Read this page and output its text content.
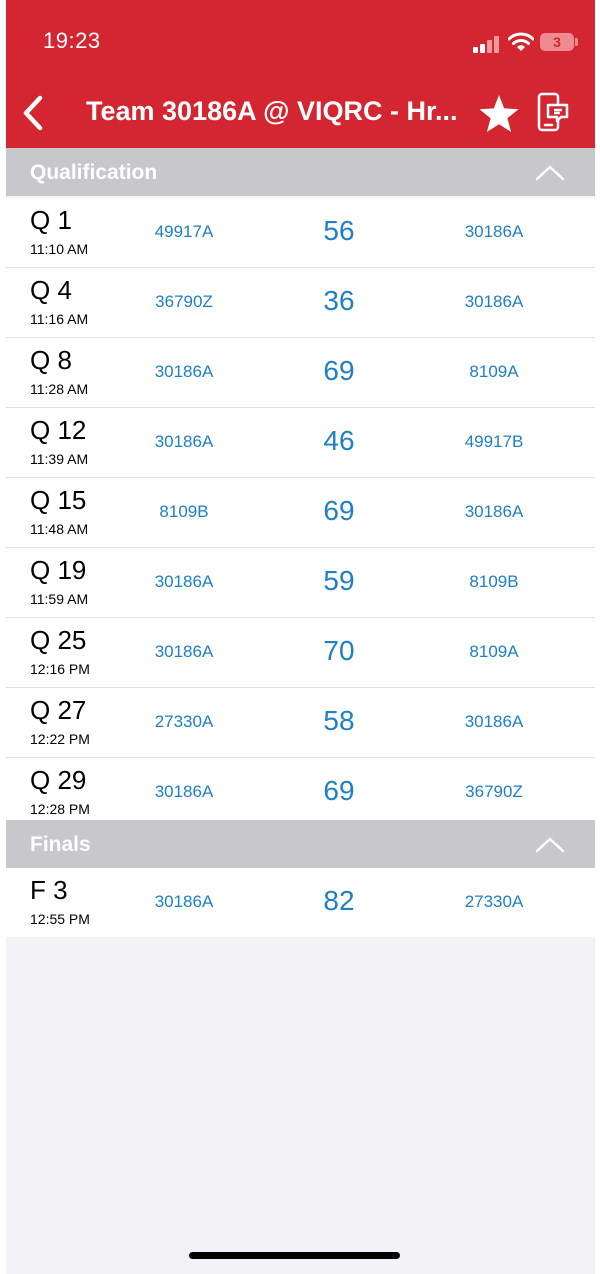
19:23	3
Team 30186A @ VIQRC - Hr...
Qualification
Q 1
11:10 AM
49917A	56	30186A
Q 4
11:16 AM
36790Z	36	30186A
Q 8
11:28 AM
30186A	69	8109A
Q 12
11:39 AM
30186A	46	49917B
Q 15
11:48 AM
8109B	69	30186A
Q 19
11:59 AM
30186A	59	8109B
Q 25
12:16 PM
30186A	70	8109A
Q 27
12:22 PM
27330A	58	30186A
Q 29
12:28 PM
30186A	69	36790Z
Finals
F 3
12:55 PM
30186A	82	27330A
